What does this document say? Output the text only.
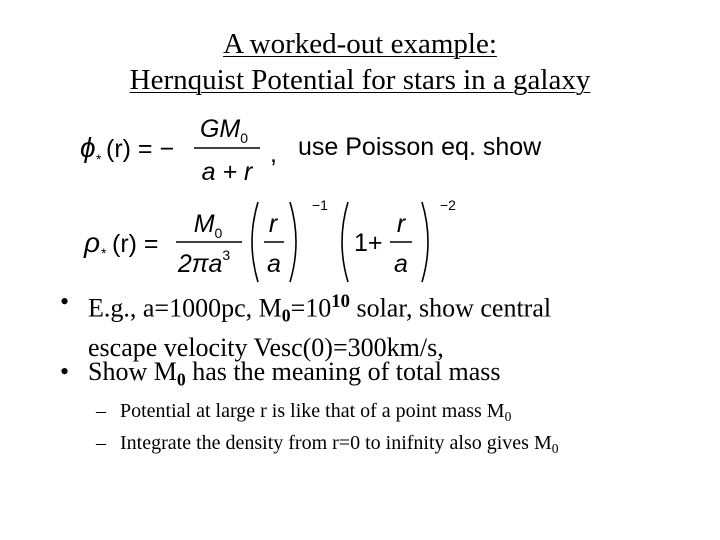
A worked-out example:
Hernquist Potential for stars in a galaxy
ϕ * (r) = −
$GM_0$
a + r
, use Poisson eq. show
ρ * (r) =
$M_0$
$2\pi a^3$
r
a
−1
1+
r
a
−2
• E.g., a=1000pc, $M_0=10^{10}$ solar, show central
escape velocity Vesc(0)=300km/s,
• Show $M_0$ has the meaning of total mass
– Potential at large r is like that of a point mass $M_0$
– Integrate the density from r=0 to inifnity also gives $M_0$
